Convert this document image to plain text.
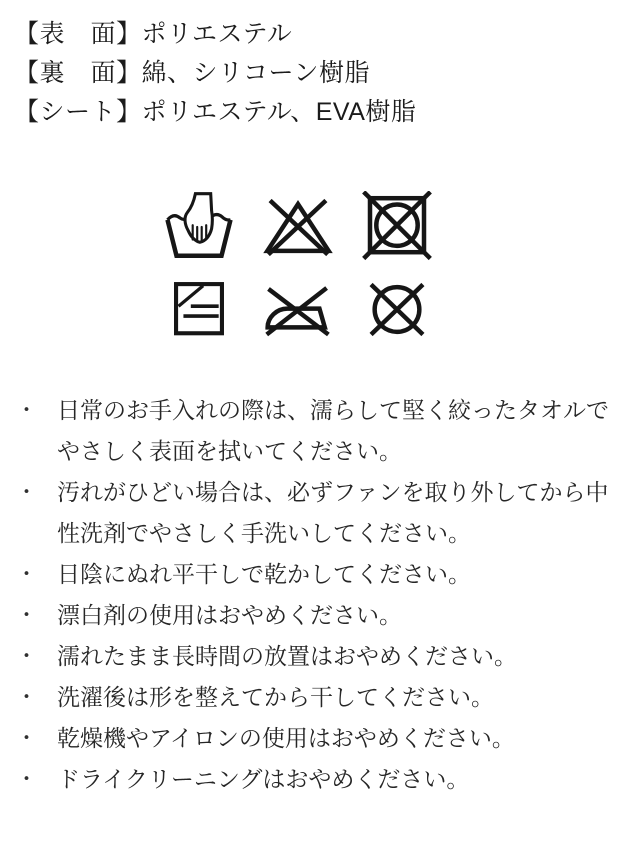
【表　面】ポリエステル
【裏　面】綿、シリコーン樹脂
【シート】ポリエステル、EVA樹脂
・ 日常のお手入れの際は、濡らして堅く絞ったタオルでやさしく表面を拭いてください。
・ 汚れがひどい場合は、必ずファンを取り外してから中性洗剤でやさしく手洗いしてください。
・ 日陰にぬれ平干しで乾かしてください。
・ 漂白剤の使用はおやめください。
・ 濡れたまま長時間の放置はおやめください。
・ 洗濯後は形を整えてから干してください。
・ 乾燥機やアイロンの使用はおやめください。
・ ドライクリーニングはおやめください。
